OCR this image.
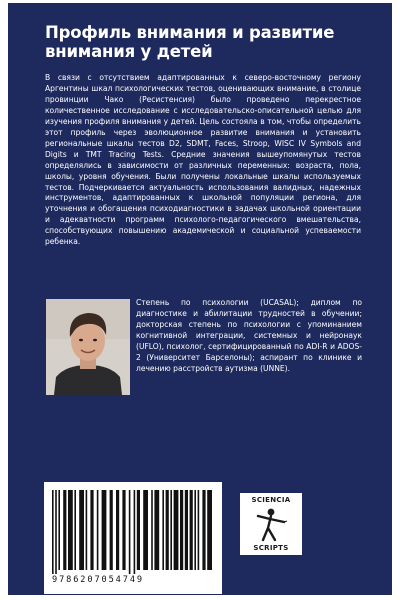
Профиль внимания и развитие
внимания у детей

В связи с отсутствием адаптированных к северо-восточному региону Аргентины шкал психологических тестов, оценивающих внимание, в столице провинции Чако (Ресистенсия) было проведено перекрестное количественное исследование с исследовательско-описательной целью для изучения профиля внимания у детей. Цель состояла в том, чтобы определить этот профиль через эволюционное развитие внимания и установить региональные шкалы тестов D2, SDMT, Faces, Stroop, WISC IV Symbols and Digits и TMT Tracing Tests. Средние значения вышеупомянутых тестов определялись в зависимости от различных переменных: возраста, пола, школы, уровня обучения. Были получены локальные шкалы используемых тестов. Подчеркивается актуальность использования валидных, надежных инструментов, адаптированных к школьной популяции региона, для уточнения и обогащения психодиагностики в задачах школьной ориентации и адекватности программ психолого-педагогического вмешательства, способствующих повышению академической и социальной успеваемости ребенка.

Степень по психологии (UCASAL); диплом по диагностике и абилитации трудностей в обучении; докторская степень по психологии с упоминанием когнитивной интеграции, системных и нейронаук (UFLO), психолог, сертифицированный по ADI-R и ADOS-2 (Университет Барселоны); аспирант по клинике и лечению расстройств аутизма (UNNE).

9786207054749
SCIENCIA
SCRIPTS
